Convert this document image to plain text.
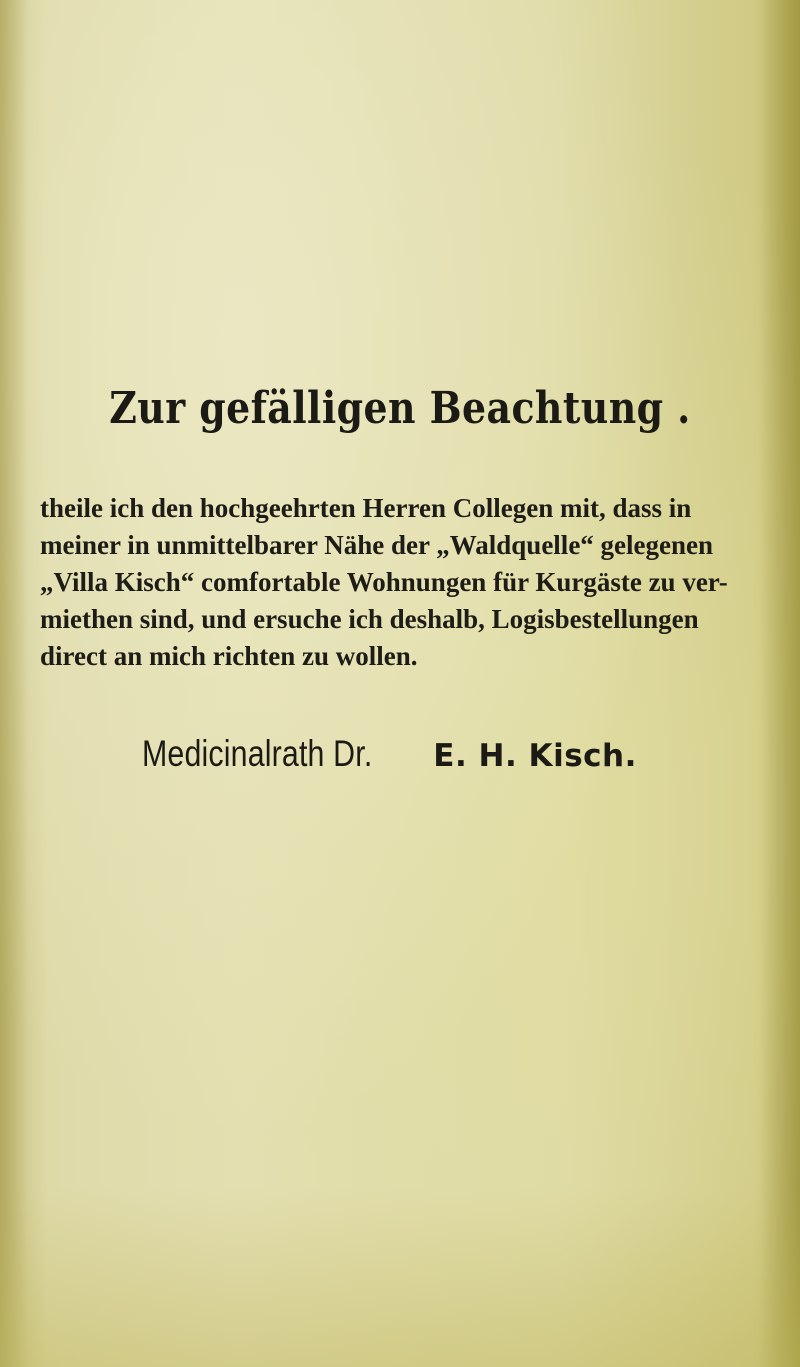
Zur gefälligen Beachtung .
theile ich den hochgeehrten Herren Collegen mit, dass in
meiner in unmittelbarer Nähe der „Waldquelle“ gelegenen
„Villa Kisch“ comfortable Wohnungen für Kurgäste zu ver-
miethen sind, und ersuche ich deshalb, Logisbestellungen
direct an mich richten zu wollen.
Medicinalrath Dr. E. H. Kisch.
